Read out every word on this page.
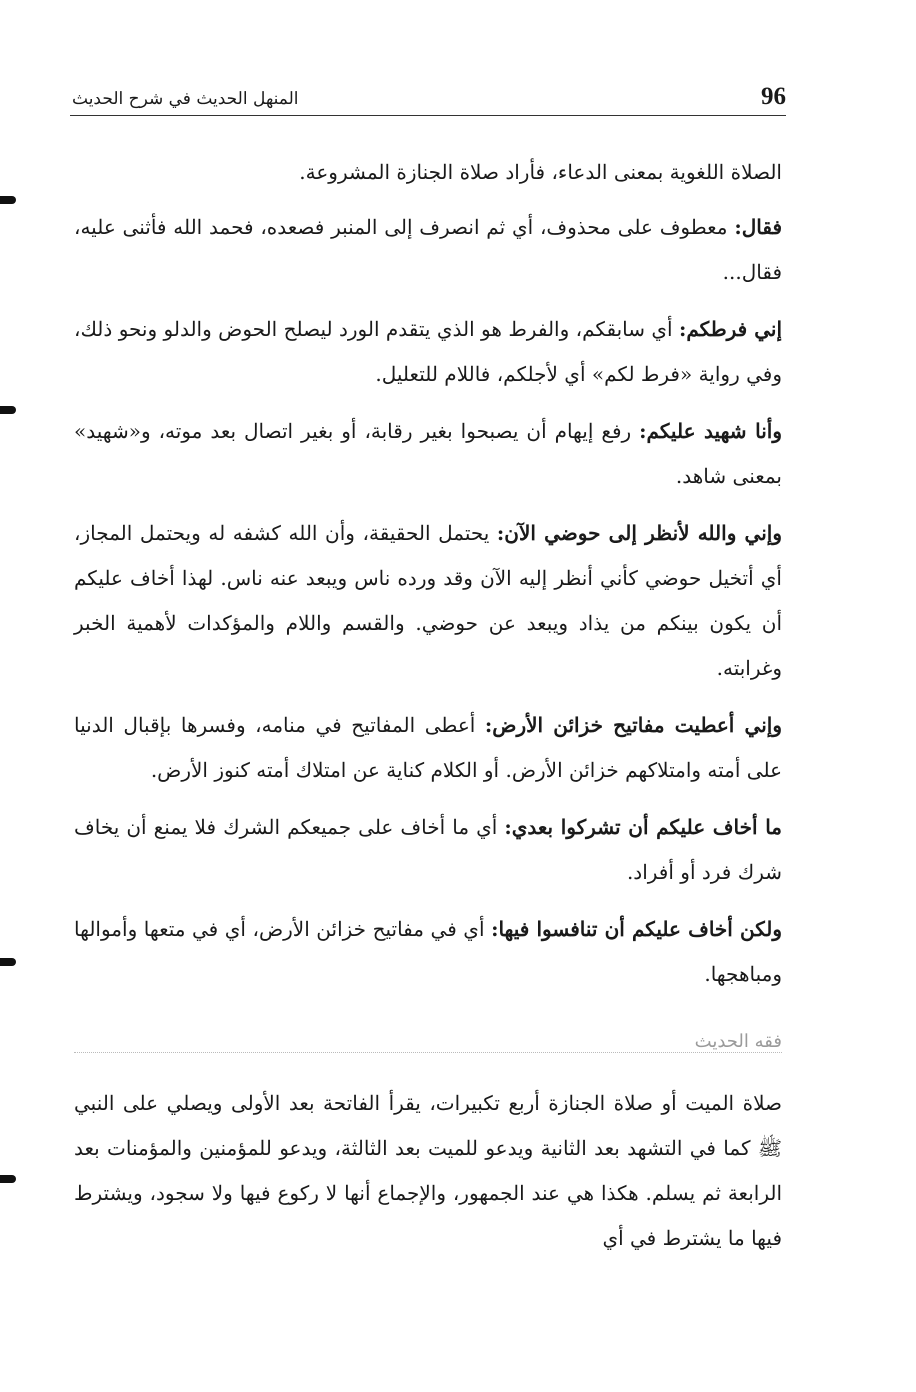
96
المنهل الحديث في شرح الحديث

الصلاة اللغوية بمعنى الدعاء، فأراد صلاة الجنازة المشروعة.

فقال: معطوف على محذوف، أي ثم انصرف إلى المنبر فصعده، فحمد الله فأثنى عليه، فقال...

إني فرطكم: أي سابقكم، والفرط هو الذي يتقدم الورد ليصلح الحوض والدلو ونحو ذلك، وفي رواية «فرط لكم» أي لأجلكم، فاللام للتعليل.

وأنا شهيد عليكم: رفع إيهام أن يصبحوا بغير رقابة، أو بغير اتصال بعد موته، و«شهيد» بمعنى شاهد.

وإني والله لأنظر إلى حوضي الآن: يحتمل الحقيقة، وأن الله كشفه له ويحتمل المجاز، أي أتخيل حوضي كأني أنظر إليه الآن وقد ورده ناس ويبعد عنه ناس. لهذا أخاف عليكم أن يكون بينكم من يذاد ويبعد عن حوضي. والقسم واللام والمؤكدات لأهمية الخبر وغرابته.

وإني أعطيت مفاتيح خزائن الأرض: أعطى المفاتيح في منامه، وفسرها بإقبال الدنيا على أمته وامتلاكهم خزائن الأرض. أو الكلام كناية عن امتلاك أمته كنوز الأرض.

ما أخاف عليكم أن تشركوا بعدي: أي ما أخاف على جميعكم الشرك فلا يمنع أن يخاف شرك فرد أو أفراد.

ولكن أخاف عليكم أن تنافسوا فيها: أي في مفاتيح خزائن الأرض، أي في متعها وأموالها ومباهجها.

فقه الحديث

صلاة الميت أو صلاة الجنازة أربع تكبيرات، يقرأ الفاتحة بعد الأولى ويصلي على النبي ﷺ كما في التشهد بعد الثانية ويدعو للميت بعد الثالثة، ويدعو للمؤمنين والمؤمنات بعد الرابعة ثم يسلم. هكذا هي عند الجمهور، والإجماع أنها لا ركوع فيها ولا سجود، ويشترط فيها ما يشترط في أي
